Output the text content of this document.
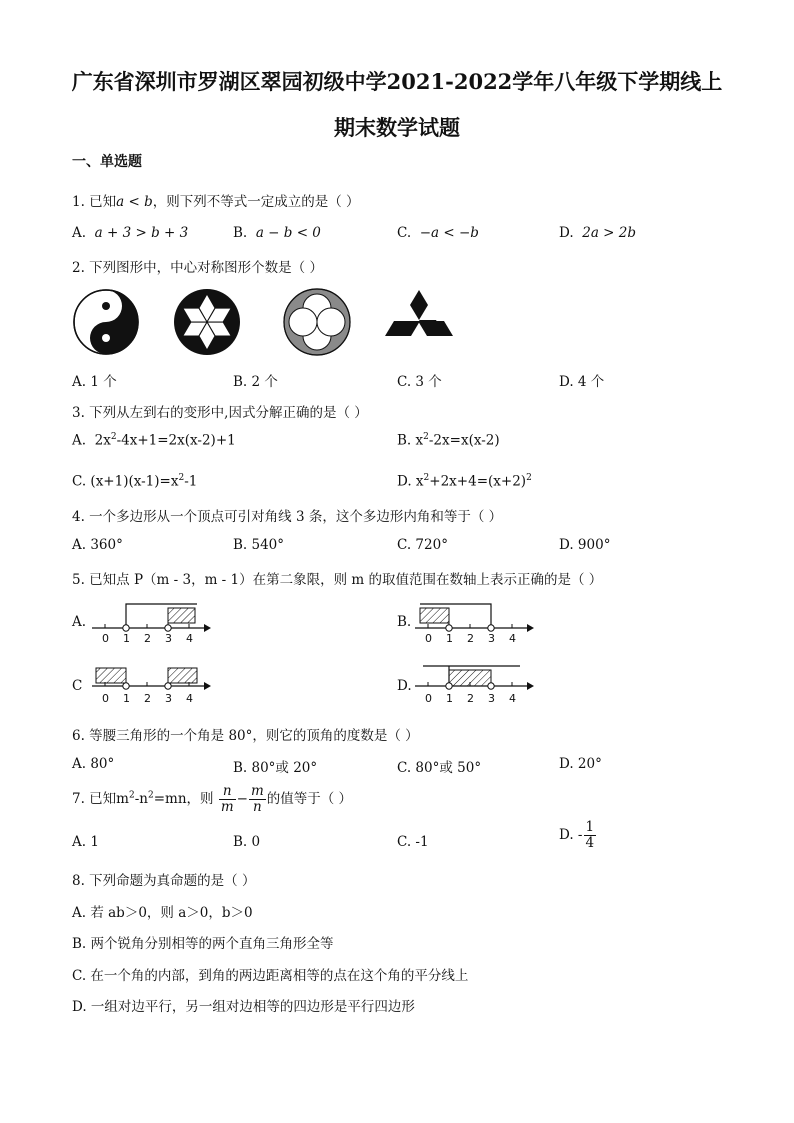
广东省深圳市罗湖区翠园初级中学2021-2022学年八年级下学期线上
期末数学试题
一、单选题
1. 已知a < b，则下列不等式一定成立的是（ ）
A. a + 3 > b + 3	B. a − b < 0	C. −a < −b	D. 2a > 2b
2. 下列图形中，中心对称图形个数是（ ）
A. 1 个	B. 2 个	C. 3 个	D. 4 个
3. 下列从左到右的变形中,因式分解正确的是（ ）
A. $2x^2-4x+1=2x(x-2)+1$	B. $x^2-2x=x(x-2)$
C. $(x+1)(x-1)=x^2-1$	D. $x^2+2x+4=(x+2)^2$
4. 一个多边形从一个顶点可引对角线 3 条，这个多边形内角和等于（ ）
A. 360°	B. 540°	C. 720°	D. 900°
5. 已知点 P（m - 3，m - 1）在第二象限，则 m 的取值范围在数轴上表示正确的是（ ）
A.
0 1 2 3 4
B.
0 1 2 3 4
C
0 1 2 3 4
D.
0 1 2 3 4
6. 等腰三角形的一个角是 80°，则它的顶角的度数是（ ）
A. 80°	B. 80°或 20°	C. 80°或 50°	D. 20°
7. 已知$m^2-n^2=mn$，则 $\frac{n}{m} - \frac{m}{n}$ 的值等于（ ）
A. 1	B. 0	C. -1	D. - $\frac{1}{4}$
8. 下列命题为真命题的是（ ）
A. 若 ab＞0，则 a＞0，b＞0
B. 两个锐角分别相等的两个直角三角形全等
C. 在一个角的内部，到角的两边距离相等的点在这个角的平分线上
D. 一组对边平行，另一组对边相等的四边形是平行四边形
